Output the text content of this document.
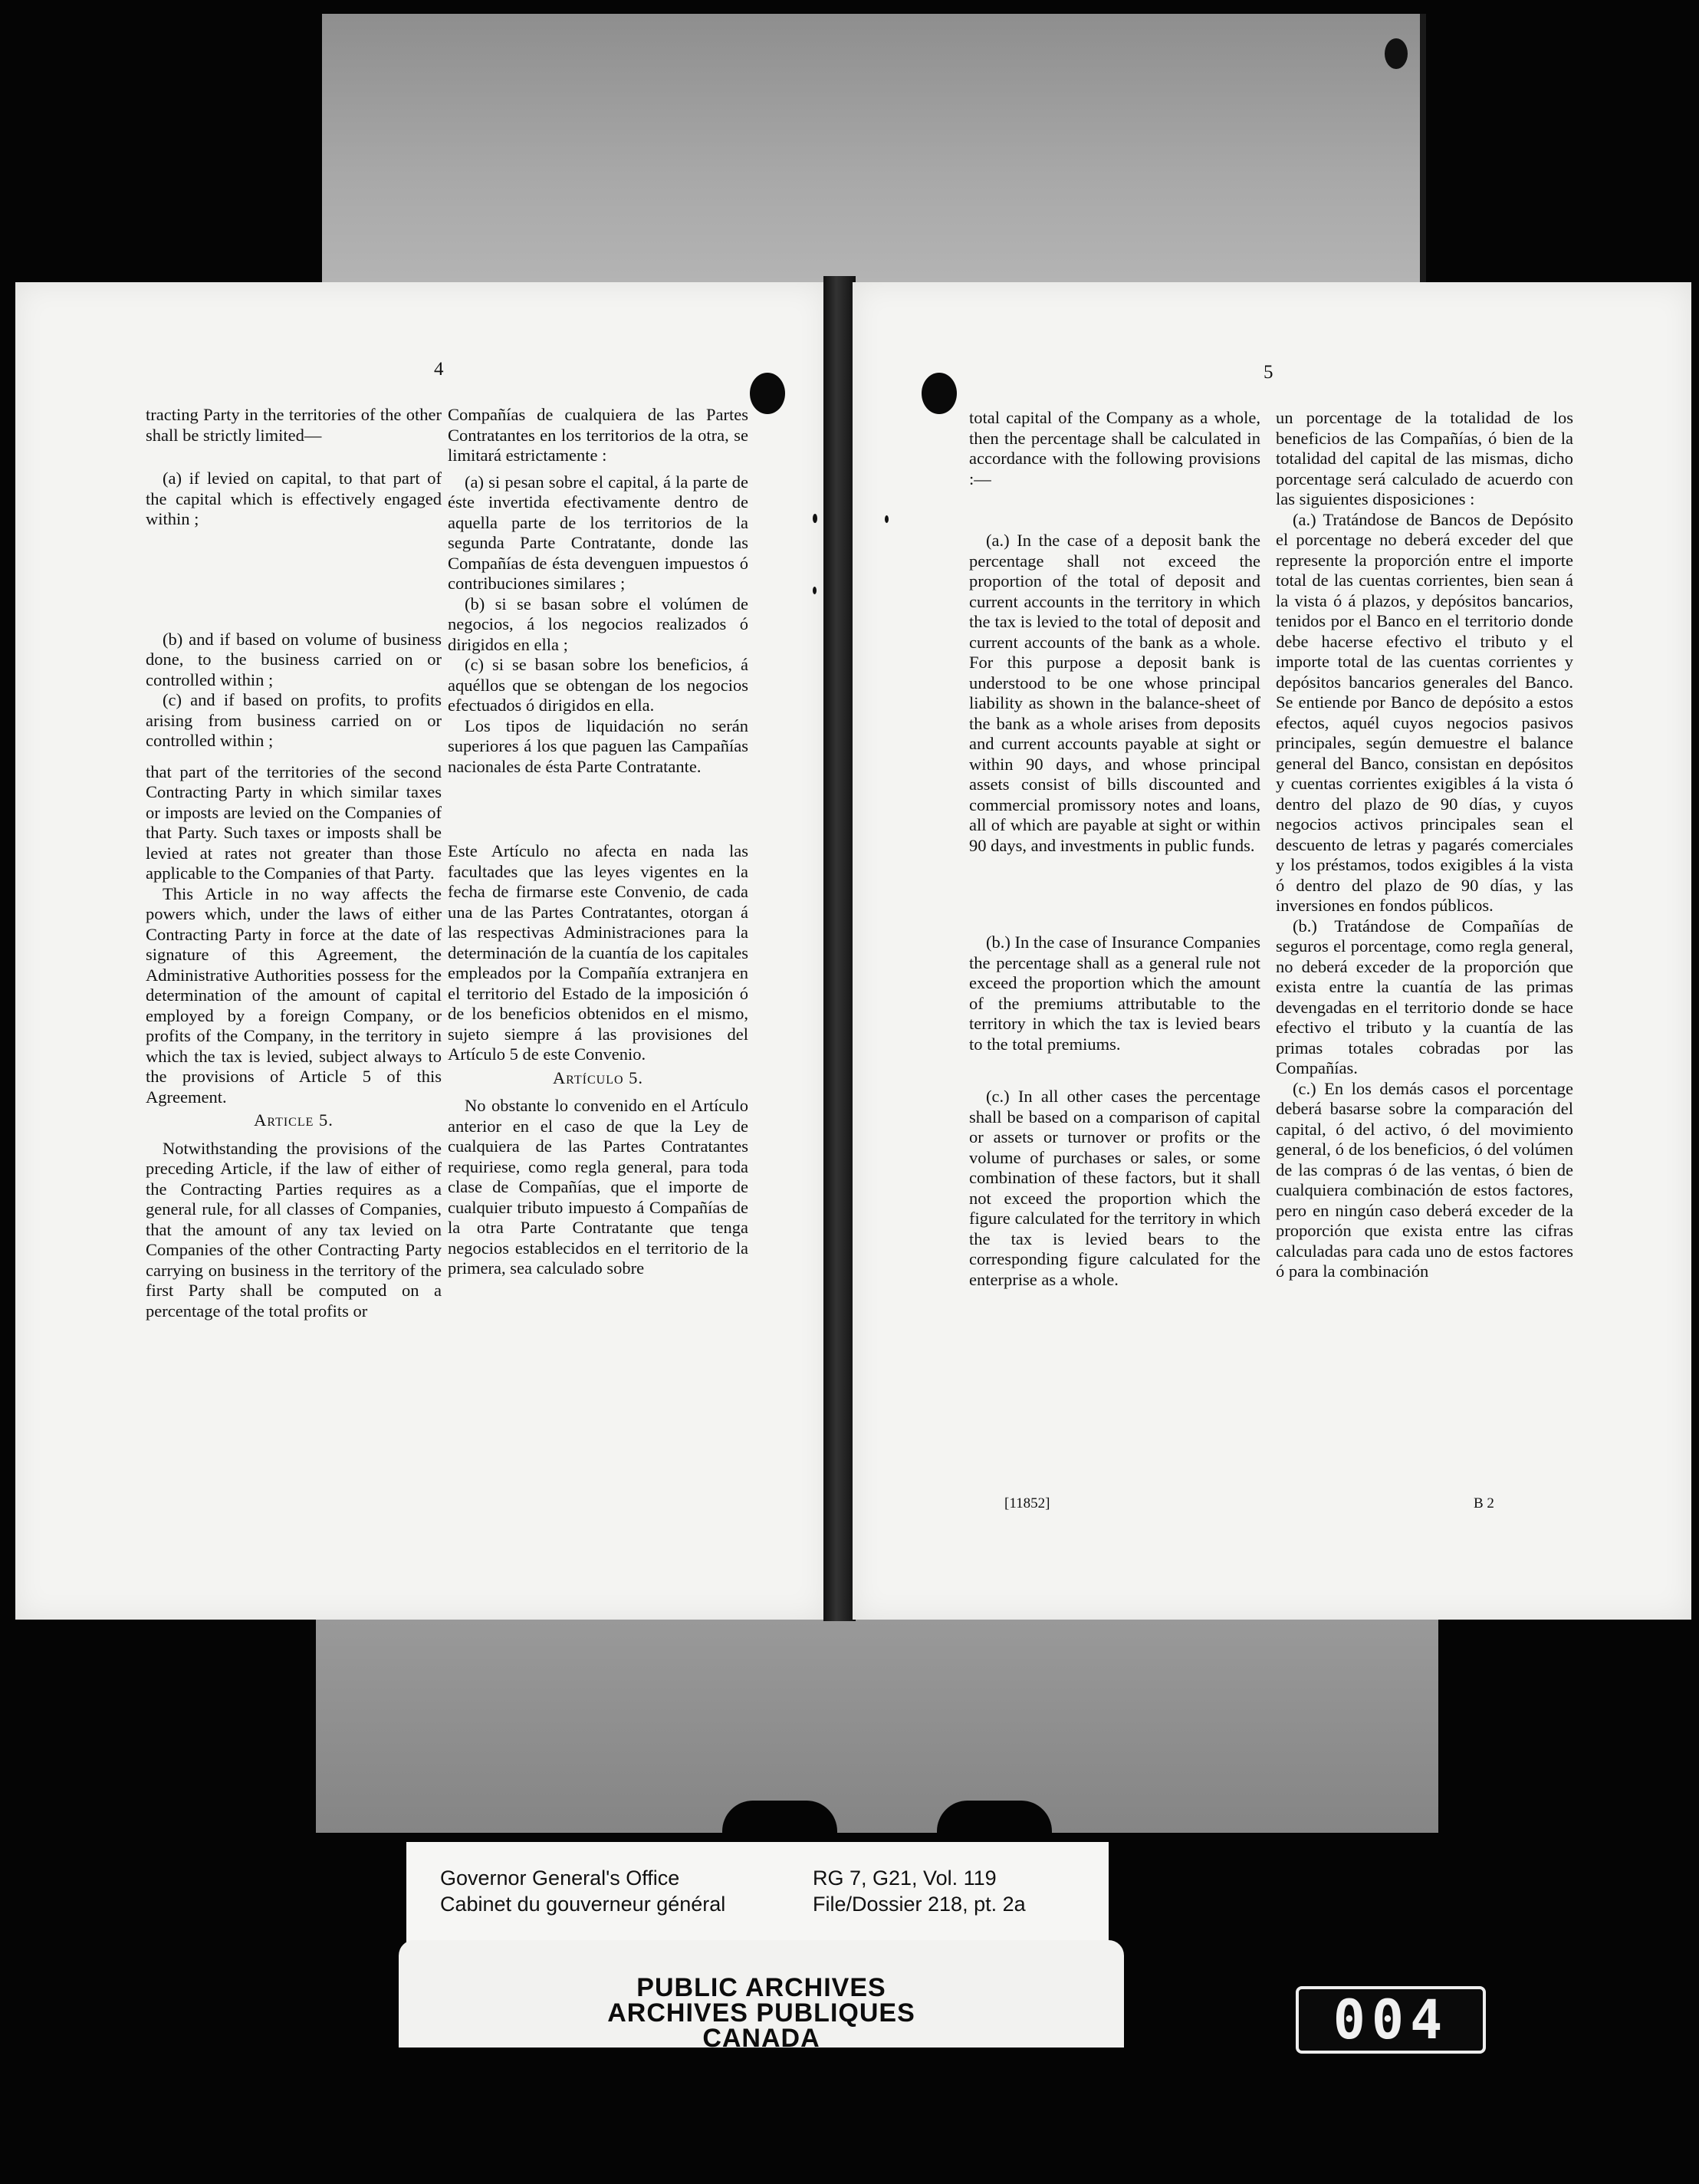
4

tracting Party in the territories of the other shall be strictly limited—

(a) if levied on capital, to that part of the capital which is effectively engaged within ;

(b) and if based on volume of business done, to the business carried on or controlled within ;

(c) and if based on profits, to profits arising from business carried on or controlled within ;

that part of the territories of the second Contracting Party in which similar taxes or imposts are levied on the Companies of that Party. Such taxes or imposts shall be levied at rates not greater than those applicable to the Companies of that Party.

This Article in no way affects the powers which, under the laws of either Contracting Party in force at the date of signature of this Agreement, the Administrative Authorities possess for the determination of the amount of capital employed by a foreign Company, or profits of the Company, in the territory in which the tax is levied, subject always to the provisions of Article 5 of this Agreement.

Article 5.

Notwithstanding the provisions of the preceding Article, if the law of either of the Contracting Parties requires as a general rule, for all classes of Companies, that the amount of any tax levied on Companies of the other Contracting Party carrying on business in the territory of the first Party shall be computed on a percentage of the total profits or

Compañías de cualquiera de las Partes Contratantes en los territorios de la otra, se limitará estrictamente :

(a) si pesan sobre el capital, á la parte de éste invertida efectivamente dentro de aquella parte de los territorios de la segunda Parte Contratante, donde las Compañías de ésta devenguen impuestos ó contribuciones similares ;

(b) si se basan sobre el volúmen de negocios, á los negocios realizados ó dirigidos en ella ;

(c) si se basan sobre los beneficios, á aquéllos que se obtengan de los negocios efectuados ó dirigidos en ella.

Los tipos de liquidación no serán superiores á los que paguen las Campañías nacionales de ésta Parte Contratante.

Este Artículo no afecta en nada las facultades que las leyes vigentes en la fecha de firmarse este Convenio, de cada una de las Partes Contratantes, otorgan á las respectivas Administraciones para la determinación de la cuantía de los capitales empleados por la Compañía extranjera en el territorio del Estado de la imposición ó de los beneficios obtenidos en el mismo, sujeto siempre á las provisiones del Artículo 5 de este Convenio.

Artículo 5.

No obstante lo convenido en el Artículo anterior en el caso de que la Ley de cualquiera de las Partes Contratantes requiriese, como regla general, para toda clase de Compañías, que el importe de cualquier tributo impuesto á Compañías de la otra Parte Contratante que tenga negocios establecidos en el territorio de la primera, sea calculado sobre

5

total capital of the Company as a whole, then the percentage shall be calculated in accordance with the following provisions :—

(a.) In the case of a deposit bank the percentage shall not exceed the proportion of the total of deposit and current accounts in the territory in which the tax is levied to the total of deposit and current accounts of the bank as a whole. For this purpose a deposit bank is understood to be one whose principal liability as shown in the balance-sheet of the bank as a whole arises from deposits and current accounts payable at sight or within 90 days, and whose principal assets consist of bills discounted and commercial promissory notes and loans, all of which are payable at sight or within 90 days, and investments in public funds.

(b.) In the case of Insurance Companies the percentage shall as a general rule not exceed the proportion which the amount of the premiums attributable to the territory in which the tax is levied bears to the total premiums.

(c.) In all other cases the percentage shall be based on a comparison of capital or assets or turnover or profits or the volume of purchases or sales, or some combination of these factors, but it shall not exceed the proportion which the figure calculated for the territory in which the tax is levied bears to the corresponding figure calculated for the enterprise as a whole.

un porcentage de la totalidad de los beneficios de las Compañías, ó bien de la totalidad del capital de las mismas, dicho porcentage será calculado de acuerdo con las siguientes disposiciones :

(a.) Tratándose de Bancos de Depósito el porcentage no deberá exceder del que represente la proporción entre el importe total de las cuentas corrientes, bien sean á la vista ó á plazos, y depósitos bancarios, tenidos por el Banco en el territorio donde debe hacerse efectivo el tributo y el importe total de las cuentas corrientes y depósitos bancarios generales del Banco. Se entiende por Banco de depósito a estos efectos, aquél cuyos negocios pasivos principales, según demuestre el balance general del Banco, consistan en depósitos y cuentas corrientes exigibles á la vista ó dentro del plazo de 90 días, y cuyos negocios activos principales sean el descuento de letras y pagarés comerciales y los préstamos, todos exigibles á la vista ó dentro del plazo de 90 días, y las inversiones en fondos públicos.

(b.) Tratándose de Compañías de seguros el porcentage, como regla general, no deberá exceder de la proporción que exista entre la cuantía de las primas devengadas en el territorio donde se hace efectivo el tributo y la cuantía de las primas totales cobradas por las Compañías.

(c.) En los demás casos el porcentage deberá basarse sobre la comparación del capital, ó del activo, ó del movimiento general, ó de los beneficios, ó del volúmen de las compras ó de las ventas, ó bien de cualquiera combinación de estos factores, pero en ningún caso deberá exceder de la proporción que exista entre las cifras calculadas para cada uno de estos factores ó para la combinación

[11852]	B 2
Governor General's Office
Cabinet du gouverneur général
RG 7, G21, Vol. 119
File/Dossier 218, pt. 2a
PUBLIC ARCHIVES
ARCHIVES PUBLIQUES
CANADA	004
